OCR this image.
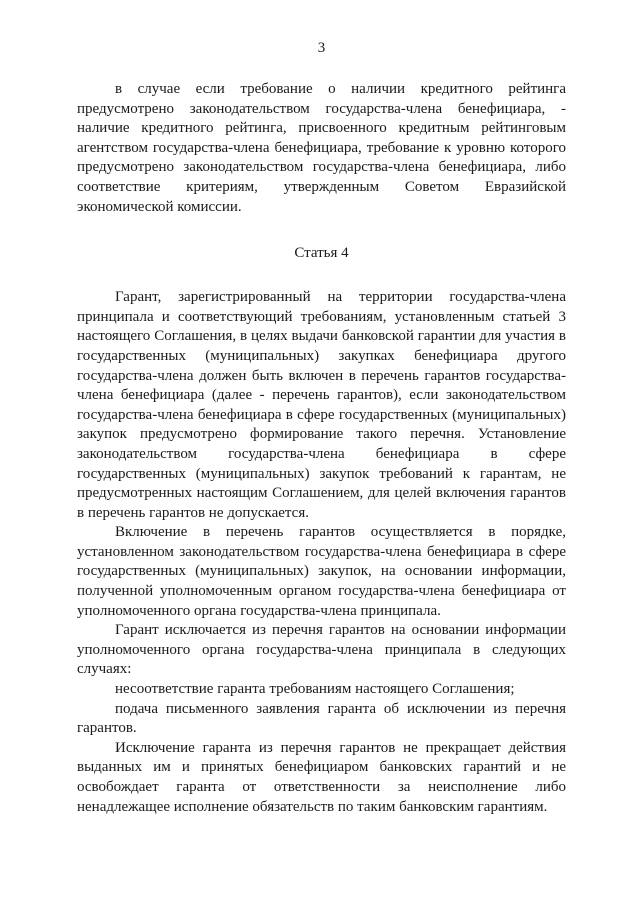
3

в случае если требование о наличии кредитного рейтинга предусмотрено законодательством государства-члена бенефициара, - наличие кредитного рейтинга, присвоенного кредитным рейтинговым агентством государства-члена бенефициара, требование к уровню которого предусмотрено законодательством государства-члена бенефициара, либо соответствие критериям, утвержденным Советом Евразийской экономической комиссии.

Статья 4

Гарант, зарегистрированный на территории государства-члена принципала и соответствующий требованиям, установленным статьей 3 настоящего Соглашения, в целях выдачи банковской гарантии для участия в государственных (муниципальных) закупках бенефициара другого государства-члена должен быть включен в перечень гарантов государства-члена бенефициара (далее - перечень гарантов), если законодательством государства-члена бенефициара в сфере государственных (муниципальных) закупок предусмотрено формирование такого перечня. Установление законодательством государства-члена бенефициара в сфере государственных (муниципальных) закупок требований к гарантам, не предусмотренных настоящим Соглашением, для целей включения гарантов в перечень гарантов не допускается.

Включение в перечень гарантов осуществляется в порядке, установленном законодательством государства-члена бенефициара в сфере государственных (муниципальных) закупок, на основании информации, полученной уполномоченным органом государства-члена бенефициара от уполномоченного органа государства-члена принципала.

Гарант исключается из перечня гарантов на основании информации уполномоченного органа государства-члена принципала в следующих случаях:

несоответствие гаранта требованиям настоящего Соглашения;

подача письменного заявления гаранта об исключении из перечня гарантов.

Исключение гаранта из перечня гарантов не прекращает действия выданных им и принятых бенефициаром банковских гарантий и не освобождает гаранта от ответственности за неисполнение либо ненадлежащее исполнение обязательств по таким банковским гарантиям.
